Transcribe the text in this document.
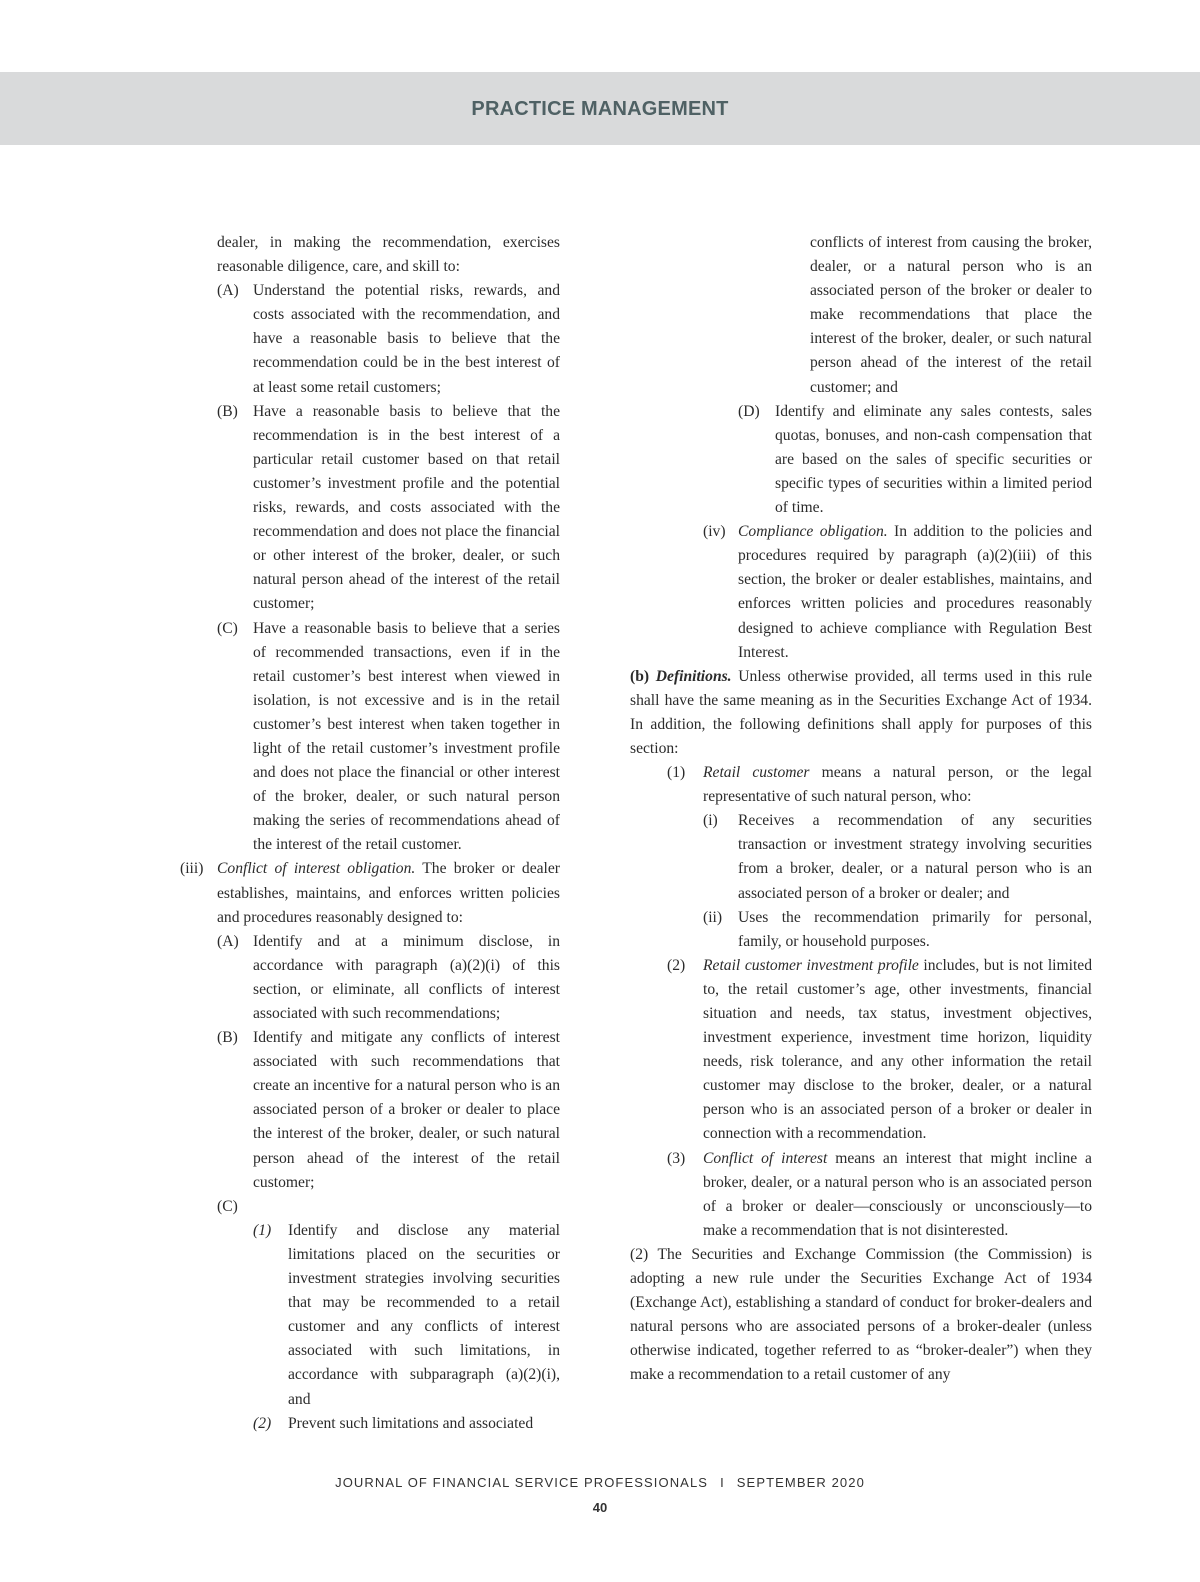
PRACTICE MANAGEMENT
dealer, in making the recommendation, exercises reasonable diligence, care, and skill to:
(A) Understand the potential risks, rewards, and costs associated with the recommendation, and have a reasonable basis to believe that the recommendation could be in the best interest of at least some retail customers;
(B) Have a reasonable basis to believe that the recommendation is in the best interest of a particular retail customer based on that retail customer’s investment profile and the potential risks, rewards, and costs associated with the recommendation and does not place the financial or other interest of the broker, dealer, or such natural person ahead of the interest of the retail customer;
(C) Have a reasonable basis to believe that a series of recommended transactions, even if in the retail customer’s best interest when viewed in isolation, is not excessive and is in the retail customer’s best interest when taken together in light of the retail customer’s investment profile and does not place the financial or other interest of the broker, dealer, or such natural person making the series of recommendations ahead of the interest of the retail customer.
(iii) Conflict of interest obligation. The broker or dealer establishes, maintains, and enforces written policies and procedures reasonably designed to:
(A) Identify and at a minimum disclose, in accordance with paragraph (a)(2)(i) of this section, or eliminate, all conflicts of interest associated with such recommendations;
(B) Identify and mitigate any conflicts of interest associated with such recommendations that create an incentive for a natural person who is an associated person of a broker or dealer to place the interest of the broker, dealer, or such natural person ahead of the interest of the retail customer;
(C)
(1) Identify and disclose any material limitations placed on the securities or investment strategies involving securities that may be recommended to a retail customer and any conflicts of interest associated with such limitations, in accordance with subparagraph (a)(2)(i), and
(2) Prevent such limitations and associated
conflicts of interest from causing the broker, dealer, or a natural person who is an associated person of the broker or dealer to make recommendations that place the interest of the broker, dealer, or such natural person ahead of the interest of the retail customer; and
(D) Identify and eliminate any sales contests, sales quotas, bonuses, and non-cash compensation that are based on the sales of specific securities or specific types of securities within a limited period of time.
(iv) Compliance obligation. In addition to the policies and procedures required by paragraph (a)(2)(iii) of this section, the broker or dealer establishes, maintains, and enforces written policies and procedures reasonably designed to achieve compliance with Regulation Best Interest.
(b) Definitions. Unless otherwise provided, all terms used in this rule shall have the same meaning as in the Securities Exchange Act of 1934. In addition, the following definitions shall apply for purposes of this section:
(1) Retail customer means a natural person, or the legal representative of such natural person, who:
(i) Receives a recommendation of any securities transaction or investment strategy involving securities from a broker, dealer, or a natural person who is an associated person of a broker or dealer; and
(ii) Uses the recommendation primarily for personal, family, or household purposes.
(2) Retail customer investment profile includes, but is not limited to, the retail customer’s age, other investments, financial situation and needs, tax status, investment objectives, investment experience, investment time horizon, liquidity needs, risk tolerance, and any other information the retail customer may disclose to the broker, dealer, or a natural person who is an associated person of a broker or dealer in connection with a recommendation.
(3) Conflict of interest means an interest that might incline a broker, dealer, or a natural person who is an associated person of a broker or dealer—consciously or unconsciously—to make a recommendation that is not disinterested.
(2) The Securities and Exchange Commission (the Commission) is adopting a new rule under the Securities Exchange Act of 1934 (Exchange Act), establishing a standard of conduct for broker-dealers and natural persons who are associated persons of a broker-dealer (unless otherwise indicated, together referred to as “broker-dealer”) when they make a recommendation to a retail customer of any
JOURNAL OF FINANCIAL SERVICE PROFESSIONALS I SEPTEMBER 2020
40
